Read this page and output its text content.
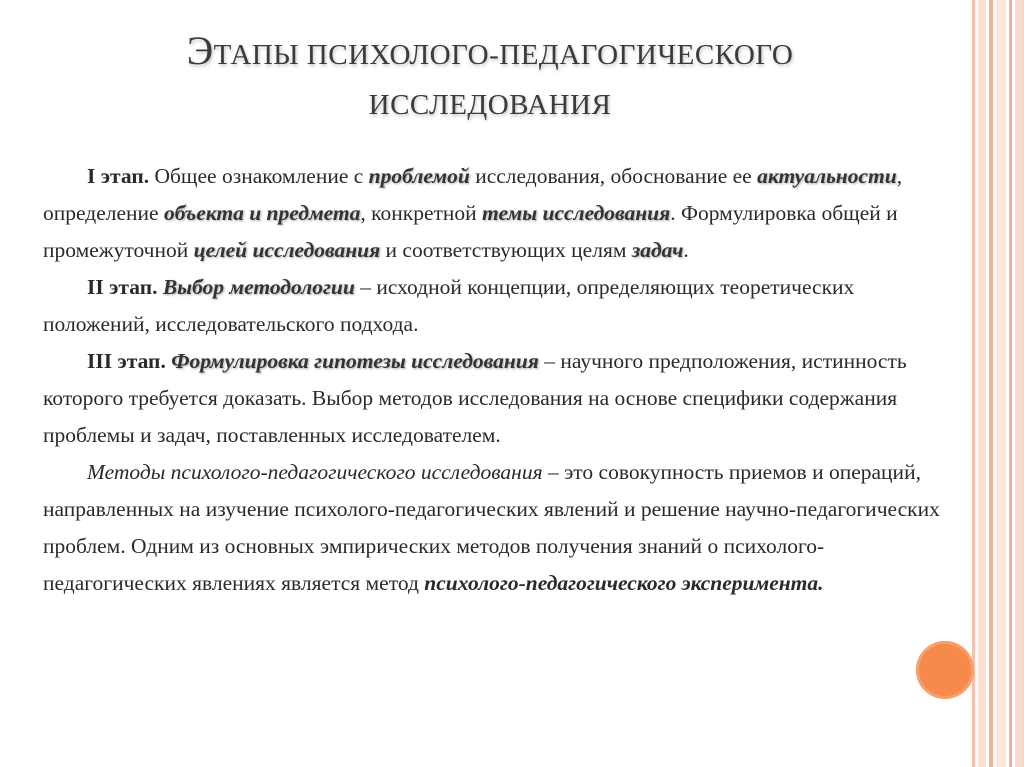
ЭТАПЫ ПСИХОЛОГО-ПЕДАГОГИЧЕСКОГО
ИССЛЕДОВАНИЯ

I этап. Общее ознакомление с проблемой исследования, обоснование ее актуальности, определение объекта и предмета, конкретной темы исследования. Формулировка общей и промежуточной целей исследования и соответствующих целям задач.

II этап. Выбор методологии – исходной концепции, определяющих теоретических положений, исследовательского подхода.

III этап. Формулировка гипотезы исследования – научного предположения, истинность которого требуется доказать. Выбор методов исследования на основе специфики содержания проблемы и задач, поставленных исследователем.

Методы психолого-педагогического исследования – это совокупность приемов и операций, направленных на изучение психолого-педагогических явлений и решение научно-педагогических проблем. Одним из основных эмпирических методов получения знаний о психолого-педагогических явлениях является метод психолого-педагогического эксперимента.
